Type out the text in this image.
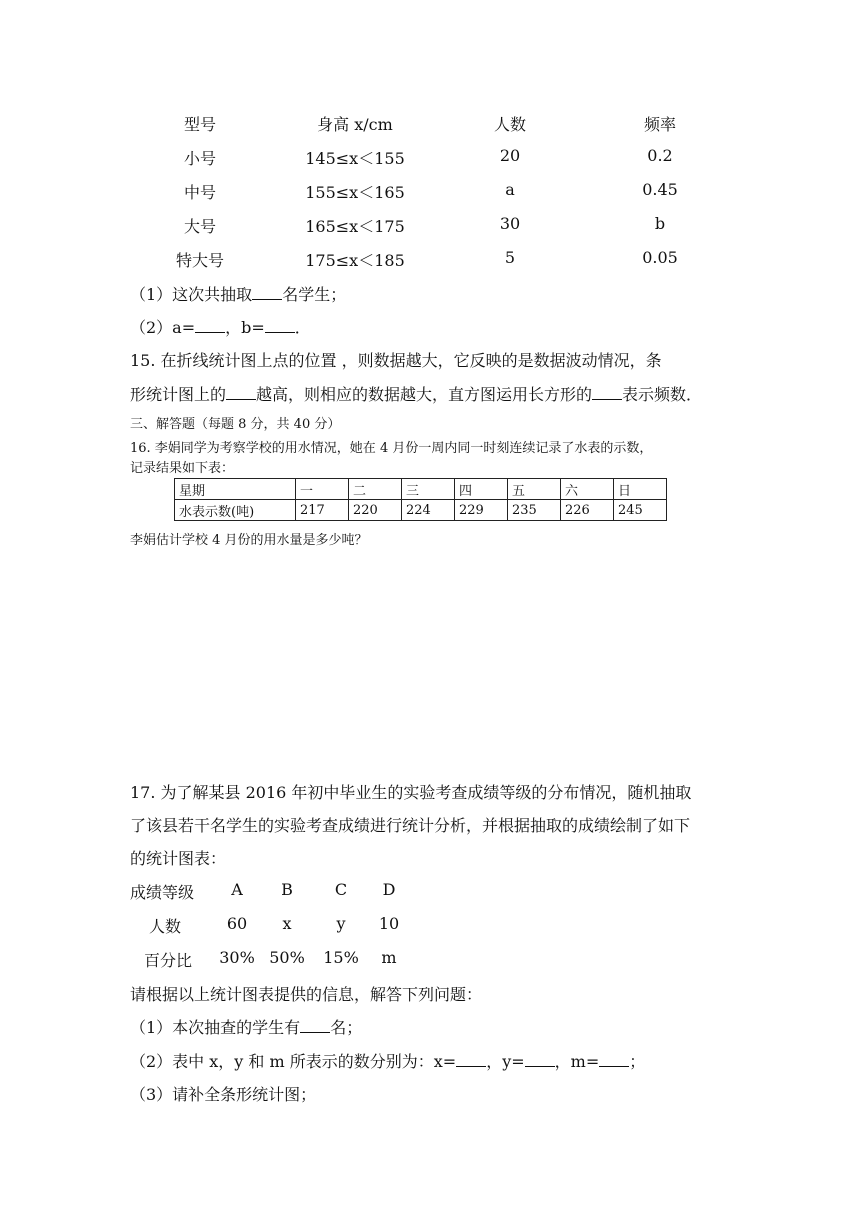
型号	身高 x/cm	人数	频率
小号	145≤x＜155	20	0.2
中号	155≤x＜165	a	0.45
大号	165≤x＜175	30	b
特大号	175≤x＜185	5	0.05
（1）这次共抽取 名学生；
（2）a= ，b= ．
15. 在折线统计图上点的位置 ，则数据越大，它反映的是数据波动情况，条
形统计图上的 越高，则相应的数据越大，直方图运用长方形的 表示频数．
三、解答题（每题 8 分，共 40 分）
16. 李娟同学为考察学校的用水情况，她在 4 月份一周内同一时刻连续记录了水表的示数，
记录结果如下表：
星期	一	二	三	四	五	六	日
水表示数(吨)	217	220	224	229	235	226	245
李娟估计学校 4 月份的用水量是多少吨？
17. 为了解某县 2016 年初中毕业生的实验考查成绩等级的分布情况，随机抽取
了该县若干名学生的实验考查成绩进行统计分析，并根据抽取的成绩绘制了如下
的统计图表：
成绩等级	A	B	C	D
人数	60	x	y	10
百分比	30% 50%	15%	m
请根据以上统计图表提供的信息，解答下列问题：
（1）本次抽查的学生有 名；
（2）表中 x，y 和 m 所表示的数分别为：x= ，y= ，m= ；
（3）请补全条形统计图；
